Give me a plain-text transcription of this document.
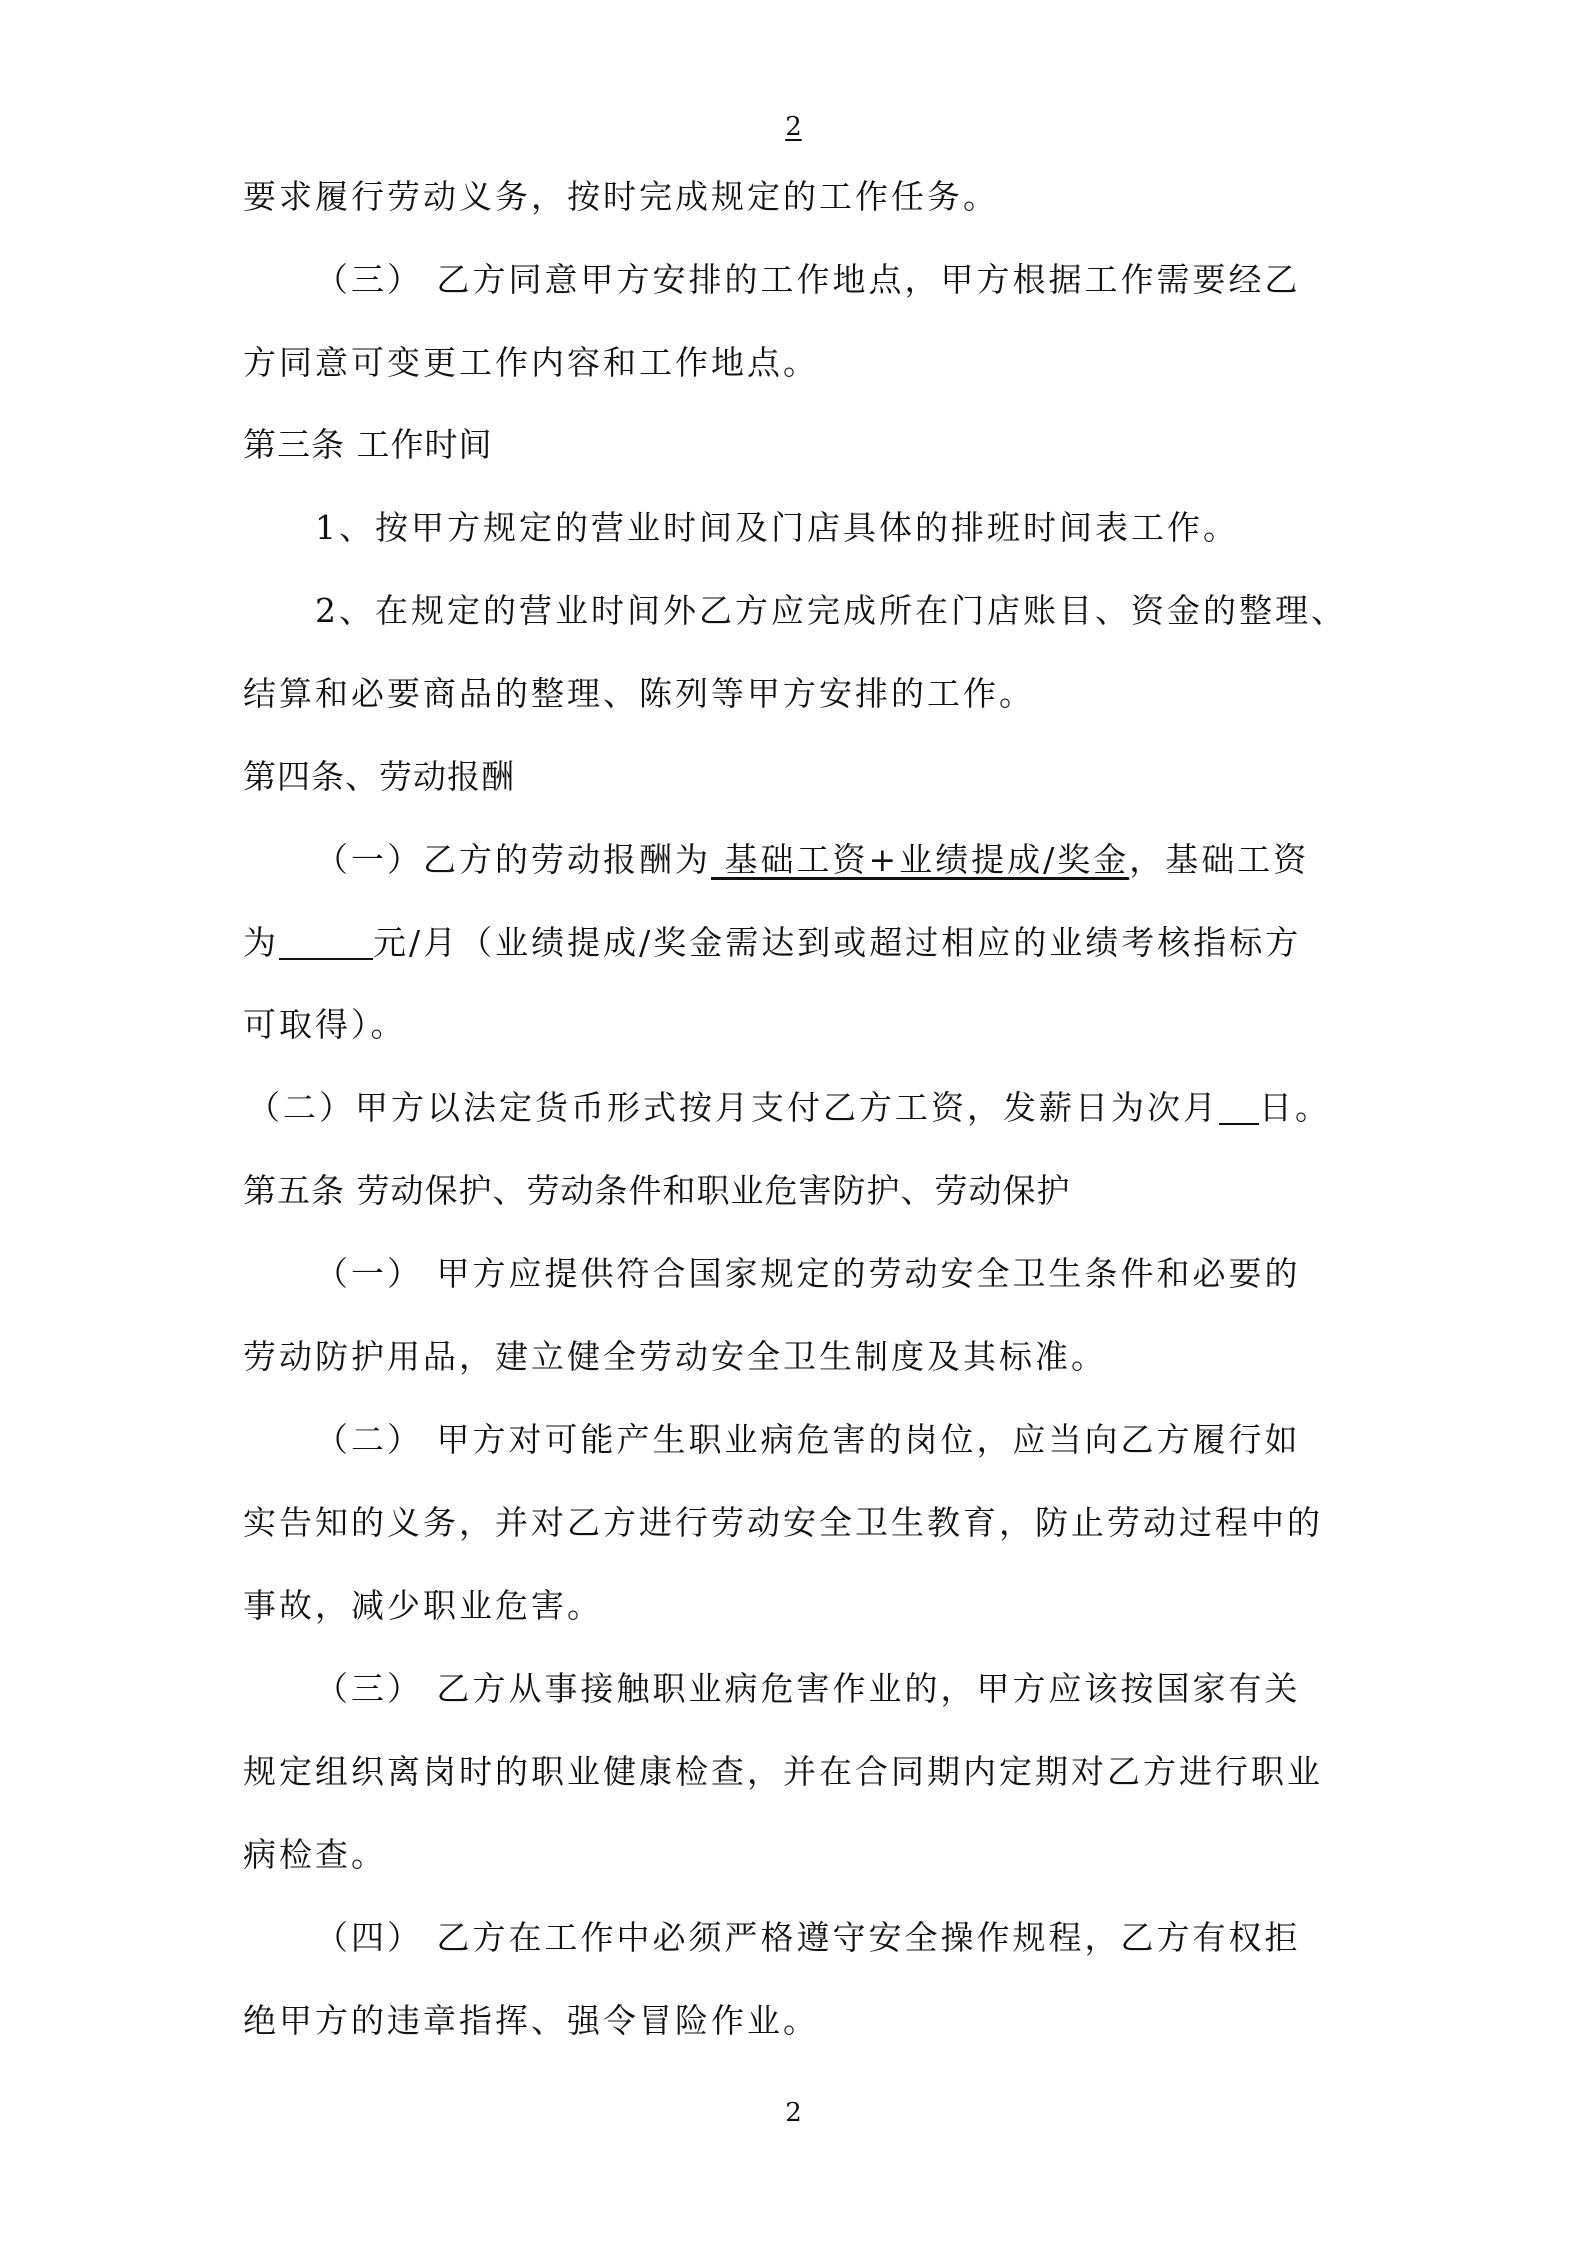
2
要求履行劳动义务，按时完成规定的工作任务。
（三） 乙方同意甲方安排的工作地点，甲方根据工作需要经乙
方同意可变更工作内容和工作地点。
第三条 工作时间
1、按甲方规定的营业时间及门店具体的排班时间表工作。
2、在规定的营业时间外乙方应完成所在门店账目、资金的整理、
结算和必要商品的整理、陈列等甲方安排的工作。
第四条、劳动报酬
（一）乙方的劳动报酬为 基础工资+业绩提成/奖金，基础工资
为	元/月（业绩提成/奖金需达到或超过相应的业绩考核指标方
可取得）。
（二）甲方以法定货币形式按月支付乙方工资，发薪日为次月 日。
第五条 劳动保护、劳动条件和职业危害防护、劳动保护
（一） 甲方应提供符合国家规定的劳动安全卫生条件和必要的
劳动防护用品，建立健全劳动安全卫生制度及其标准。
（二） 甲方对可能产生职业病危害的岗位，应当向乙方履行如
实告知的义务，并对乙方进行劳动安全卫生教育，防止劳动过程中的
事故，减少职业危害。
（三） 乙方从事接触职业病危害作业的，甲方应该按国家有关
规定组织离岗时的职业健康检查，并在合同期内定期对乙方进行职业
病检查。
（四） 乙方在工作中必须严格遵守安全操作规程，乙方有权拒
绝甲方的违章指挥、强令冒险作业。
2
